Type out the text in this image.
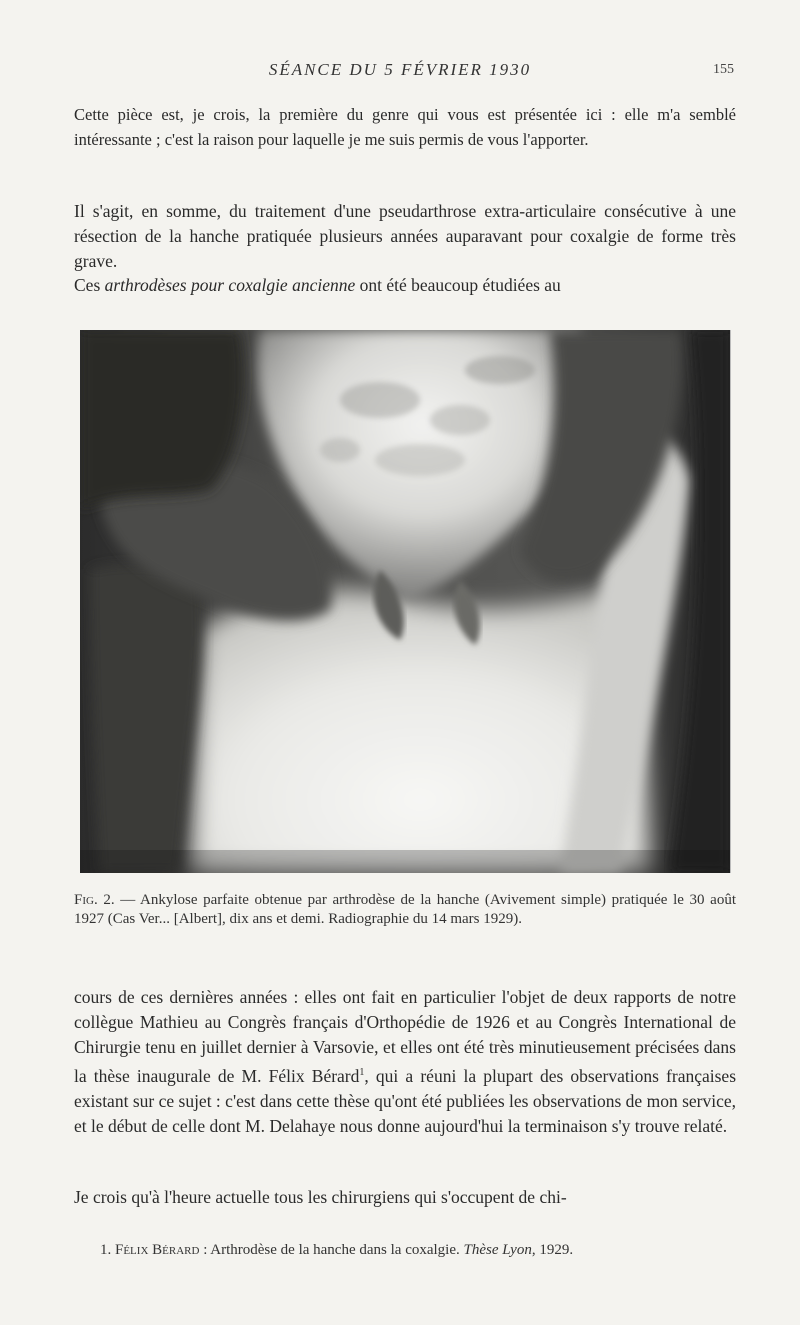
SÉANCE DU 5 FÉVRIER 1930	155

Cette pièce est, je crois, la première du genre qui vous est présentée ici : elle m'a semblé intéressante ; c'est la raison pour laquelle je me suis permis de vous l'apporter.

Il s'agit, en somme, du traitement d'une pseudarthrose extra-articulaire consécutive à une résection de la hanche pratiquée plusieurs années auparavant pour coxalgie de forme très grave.

Ces arthrodèses pour coxalgie ancienne ont été beaucoup étudiées au

Fig. 2. — Ankylose parfaite obtenue par arthrodèse de la hanche (Avivement simple) pratiquée le 30 août 1927 (Cas Ver... [Albert], dix ans et demi. Radiographie du 14 mars 1929).

cours de ces dernières années : elles ont fait en particulier l'objet de deux rapports de notre collègue Mathieu au Congrès français d'Orthopédie de 1926 et au Congrès International de Chirurgie tenu en juillet dernier à Varsovie, et elles ont été très minutieusement précisées dans la thèse inaugurale de M. Félix Bérard$^1$, qui a réuni la plupart des observations françaises existant sur ce sujet : c'est dans cette thèse qu'ont été publiées les observations de mon service, et le début de celle dont M. Delahaye nous donne aujourd'hui la terminaison s'y trouve relaté.

Je crois qu'à l'heure actuelle tous les chirurgiens qui s'occupent de chi-

1. Félix Bérard : Arthrodèse de la hanche dans la coxalgie. Thèse Lyon, 1929.
